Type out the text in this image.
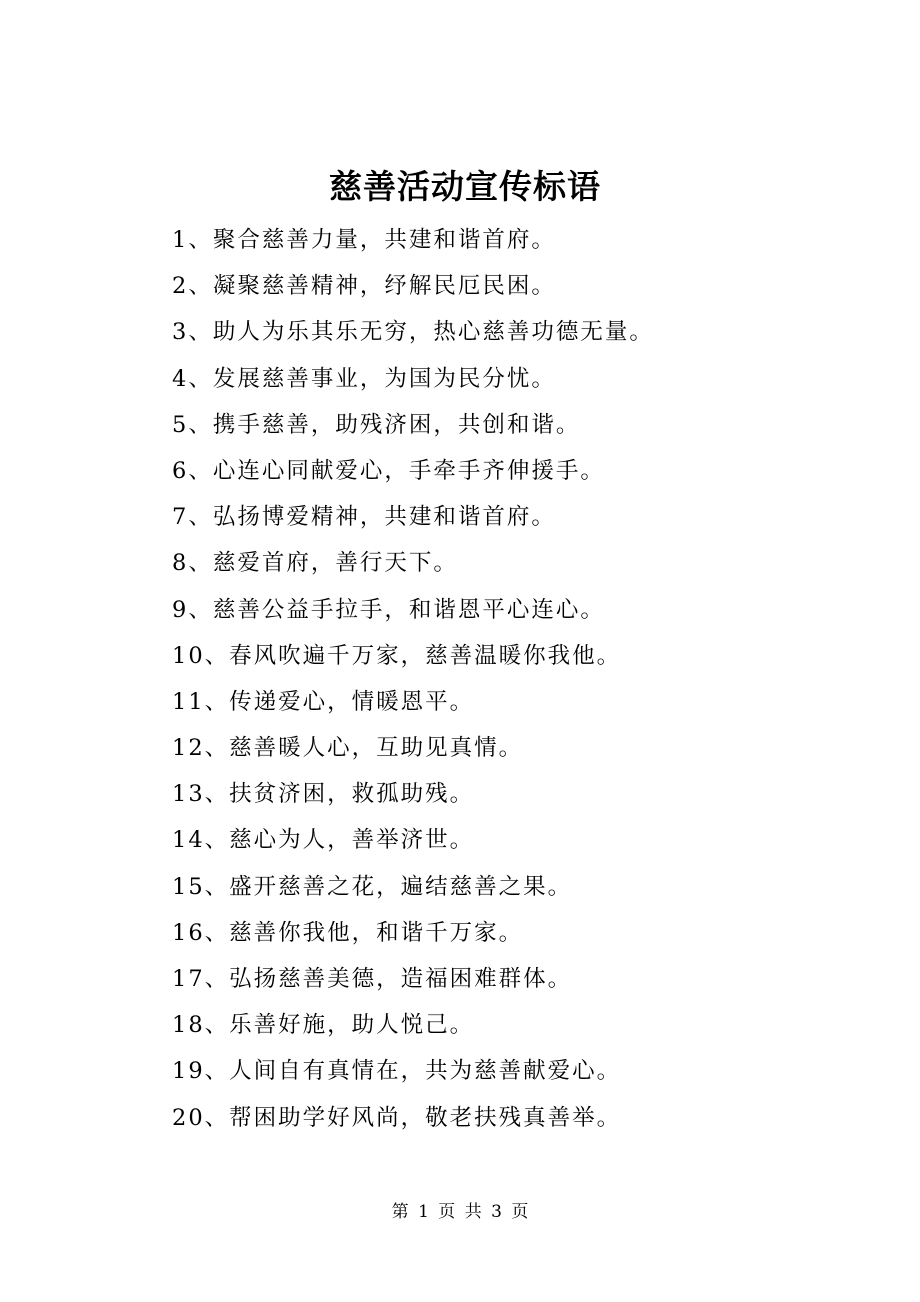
慈善活动宣传标语
1、聚合慈善力量，共建和谐首府。
2、凝聚慈善精神，纾解民厄民困。
3、助人为乐其乐无穷，热心慈善功德无量。
4、发展慈善事业，为国为民分忧。
5、携手慈善，助残济困，共创和谐。
6、心连心同献爱心，手牵手齐伸援手。
7、弘扬博爱精神，共建和谐首府。
8、慈爱首府，善行天下。
9、慈善公益手拉手，和谐恩平心连心。
10、春风吹遍千万家，慈善温暖你我他。
11、传递爱心，情暖恩平。
12、慈善暖人心，互助见真情。
13、扶贫济困，救孤助残。
14、慈心为人，善举济世。
15、盛开慈善之花，遍结慈善之果。
16、慈善你我他，和谐千万家。
17、弘扬慈善美德，造福困难群体。
18、乐善好施，助人悦己。
19、人间自有真情在，共为慈善献爱心。
20、帮困助学好风尚，敬老扶残真善举。
第 1 页 共 3 页
